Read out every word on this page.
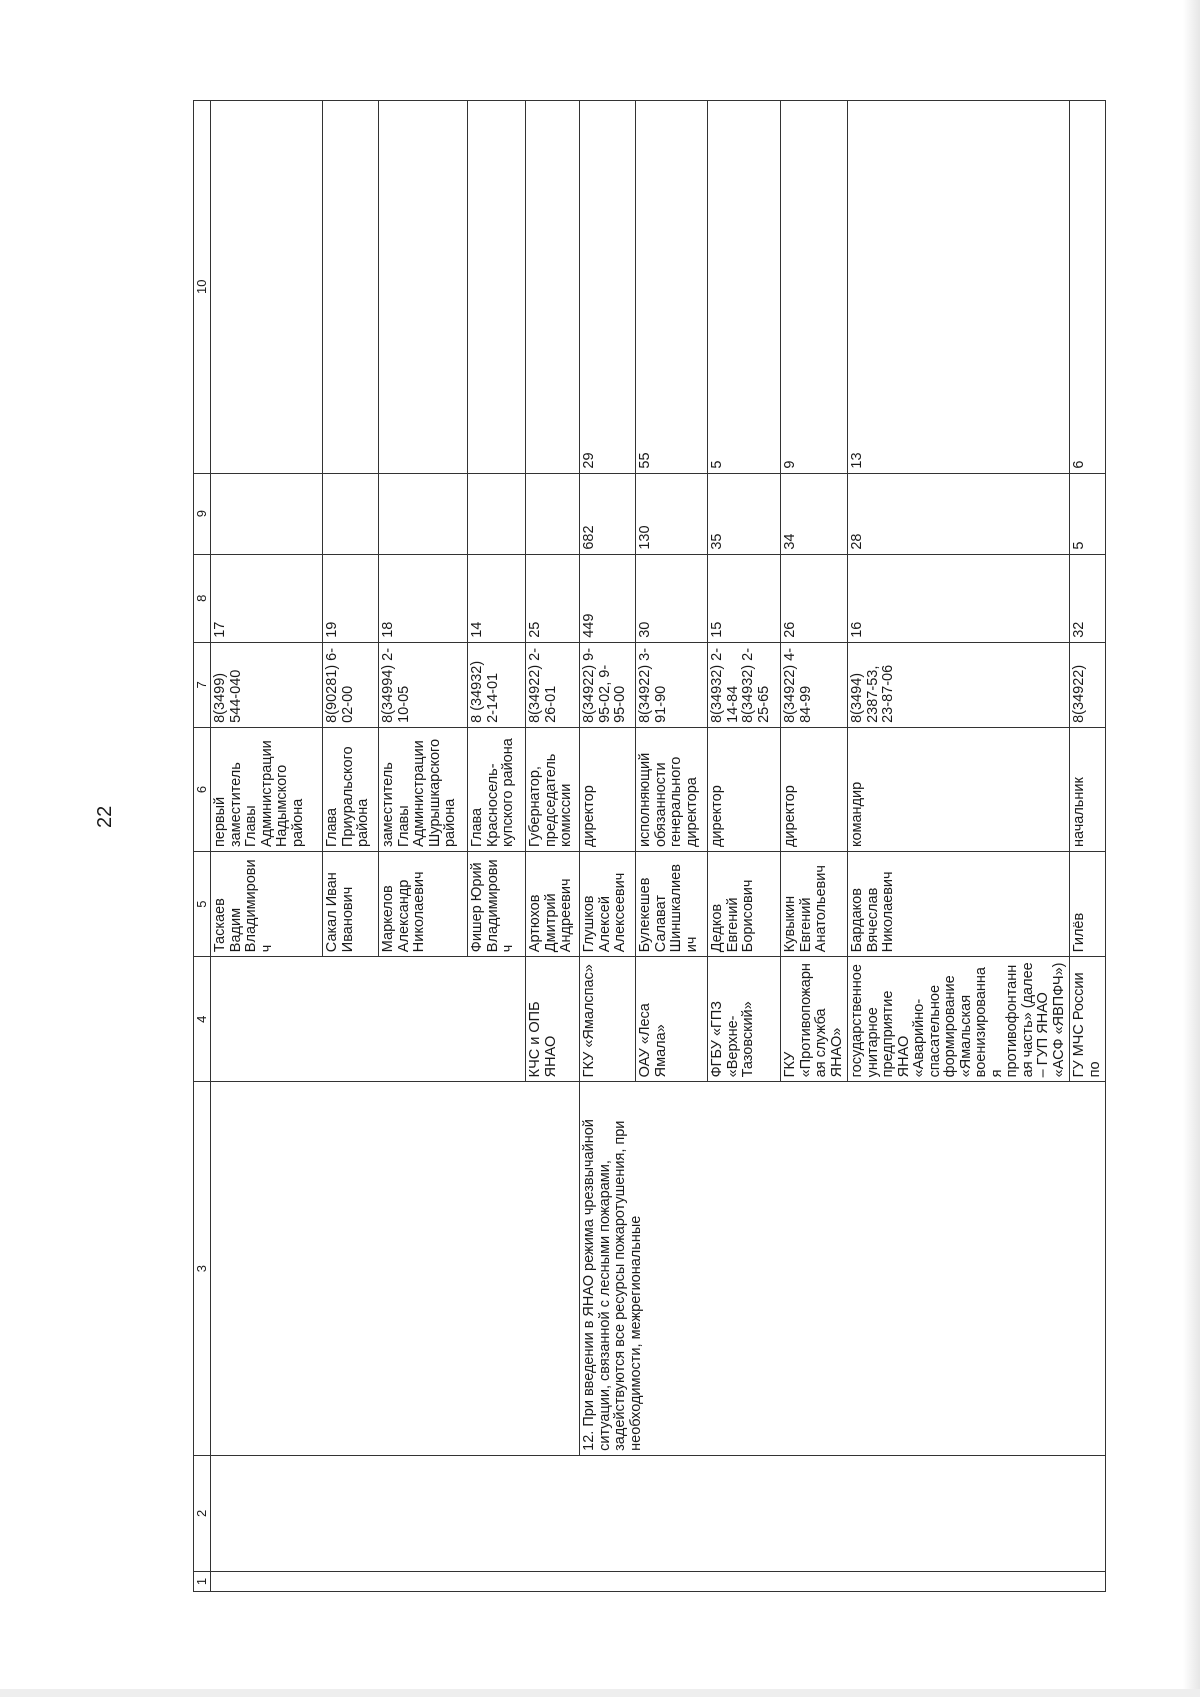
22
1	2	3	4	5	6	7	8	9	10
				Таскаев Вадим Владимирович	первый заместитель Главы Администрации Надымского района	8(3499) 544-040	17		
				Сакал Иван Иванович	Глава Приуральского района	8(90281) 6-02-00	19		
				Маркелов Александр Николаевич	заместитель Главы Администрации Шурышкарского района	8(34994) 2-10-05	18		
				Фишер Юрий Владимирович	Глава Красносель-купского района	8 (34932) 2-14-01	14		
			КЧС и ОПБ ЯНАО	Артюхов Дмитрий Андреевич	Губернатор, председатель комиссии	8(34922) 2-26-01	25		
		12. При введении в ЯНАО режима чрезвычайной ситуации, связанной с лесными пожарами, задействуются все ресурсы пожаротушения, при необходимости, межрегиональные	ГКУ «Ямалспас»	Глушков Алексей Алексеевич	директор	8(34922) 9-95-02, 9-95-00	449	682	29
			ОАУ «Леса Ямала»	Булекешев Салават Шиншкалиевич	исполняющий обязанности генерального директора	8(34922) 3-91-90	30	130	55
			ФГБУ «ГПЗ «Верхне-Тазовский»	Дедков Евгений Борисович	директор	8(34932) 2-14-84 8(34932) 2-25-65	15	35	5
			ГКУ «Противопожарная служба ЯНАО»	Кувыкин Евгений Анатольевич	директор	8(34922) 4-84-99	26	34	9
			государственное унитарное предприятие ЯНАО «Аварийно-спасательное формирование «Ямальская военизированная противофонтанная часть» (далее – ГУП ЯНАО «АСФ «ЯВПФЧ»)	Бардаков Вячеслав Николаевич	командир	8(3494) 2387-53, 23-87-06	16	28	13
			ГУ МЧС России по	Гилёв	начальник	8(34922)	32	5	6
